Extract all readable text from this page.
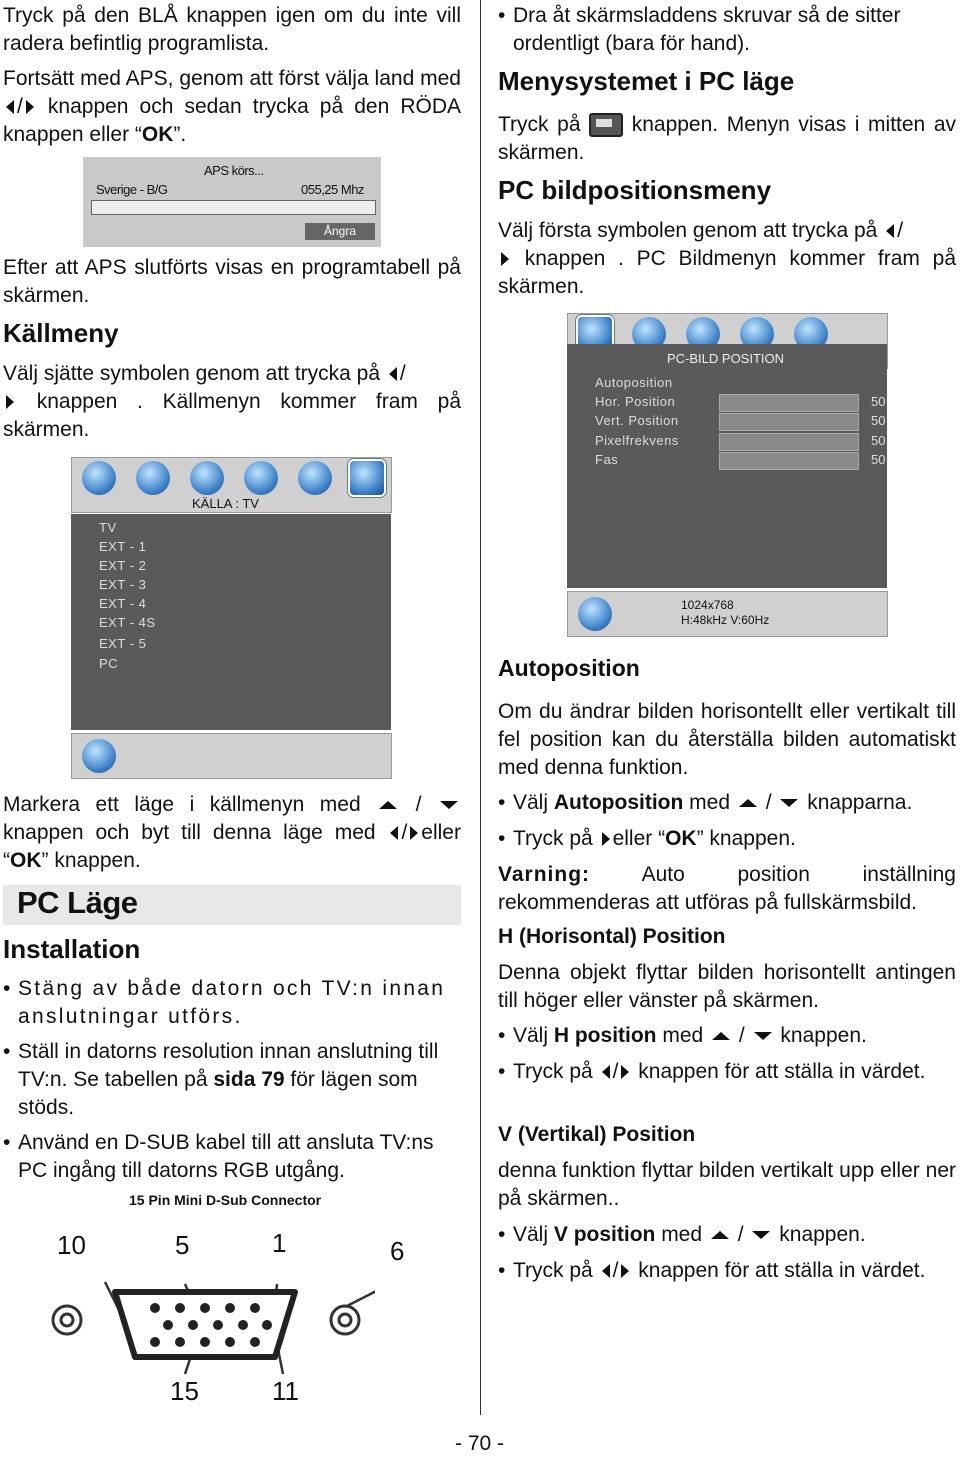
Tryck på den BLÅ knappen igen om du inte vill radera befintlig programlista.

Fortsätt med APS, genom att först välja land med / knappen och sedan trycka på den RÖDA knappen eller “OK”.

APS körs...
Sverige - B/G	055,25 Mhz
Ångra

Efter att APS slutförts visas en programtabell på skärmen.

Källmeny

Välj sjätte symbolen genom att trycka på /
knappen . Källmenyn kommer fram på skärmen.

KÄLLA : TV
TV
EXT - 1
EXT - 2
EXT - 3
EXT - 4
EXT - 4S
EXT - 5
PC

Markera ett läge i källmenyn med	/  knappen och byt till denna läge med / eller “OK” knappen.

PC Läge
Installation

• Stäng av både datorn och TV:n innan anslutningar utförs.

• Ställ in datorns resolution innan anslutning till TV:n. Se tabellen på sida 79 för lägen som stöds.

• Använd en D-SUB kabel till att ansluta TV:ns PC ingång till datorns RGB utgång.

15 Pin Mini D-Sub Connector
10	5	1	6
15	11

• Dra åt skärmsladdens skruvar så de sitter ordentligt (bara för hand).

Menysystemet i PC läge

Tryck på knappen. Menyn visas i mitten av skärmen.

PC bildpositionsmeny

Välj första symbolen genom att trycka på /
knappen . PC Bildmenyn kommer fram på skärmen.

PC-BILD POSITION
Autoposition
Hor. Position	50
Vert. Position	50
Pixelfrekvens	50
Fas	50
1024x768
H:48kHz V:60Hz
Autoposition

Om du ändrar bilden horisontellt eller vertikalt till fel position kan du återställa bilden automatiskt med denna funktion.

• Välj Autoposition med / knapparna.

• Tryck på eller “OK” knappen.

Varning: Auto position inställning rekommenderas att utföras på fullskärmsbild.

H (Horisontal) Position

Denna objekt flyttar bilden horisontellt antingen till höger eller vänster på skärmen.

• Välj H position med / knappen.

• Tryck på / knappen för att ställa in värdet.

V (Vertikal) Position

denna funktion flyttar bilden vertikalt upp eller ner på skärmen..

• Välj V position med / knappen.

• Tryck på / knappen för att ställa in värdet.

- 70 -
